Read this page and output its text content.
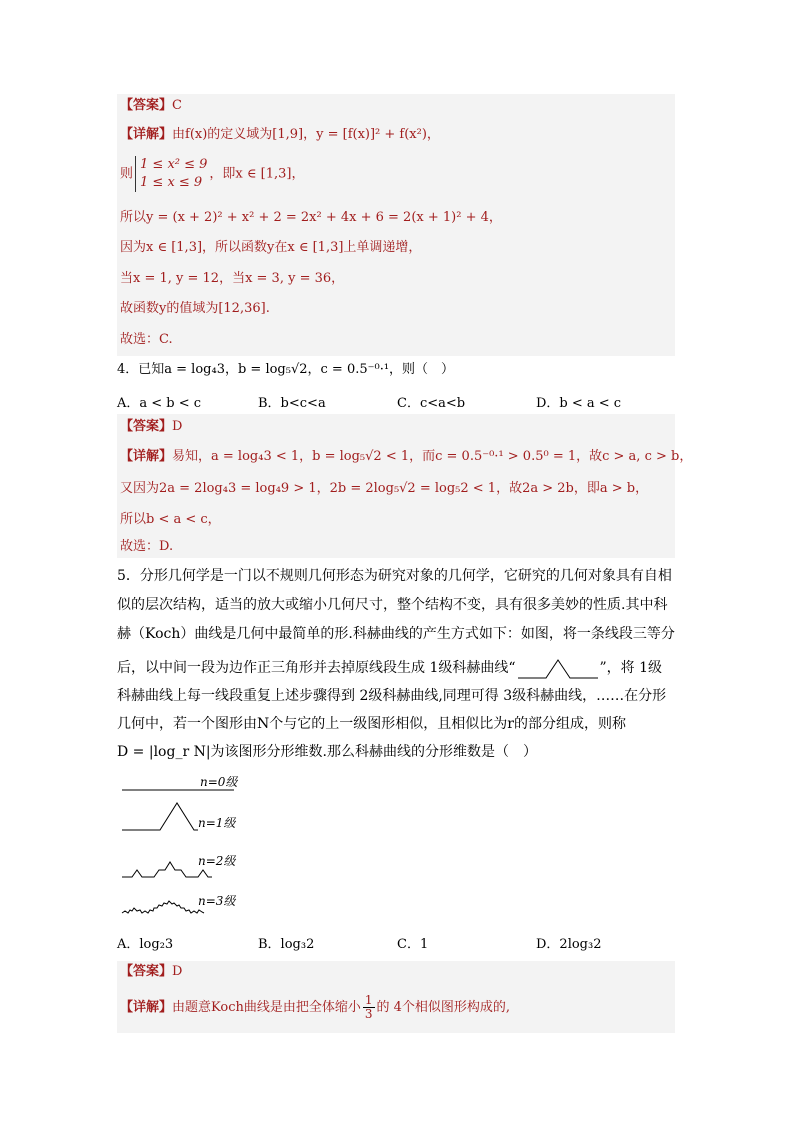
【答案】C
【详解】由f(x)的定义域为[1,9]，y = [f(x)]² + f(x²)，
则
1 ≤ x² ≤ 9
1 ≤ x ≤ 9
，即x ∈ [1,3]，
所以y = (x + 2)² + x² + 2 = 2x² + 4x + 6 = 2(x + 1)² + 4，
因为x ∈ [1,3]，所以函数y在x ∈ [1,3]上单调递增，
当x = 1, y = 12，当x = 3, y = 36，
故函数y的值域为[12,36].
故选：C.
4．已知a = log₄3，b = log₅√2，c = 0.5⁻⁰·¹，则（　）
A．a < b < c	B．b<c<a	C．c<a<b	D．b < a < c
【答案】D
【详解】易知，a = log₄3 < 1，b = log₅√2 < 1，而c = 0.5⁻⁰·¹ > 0.5⁰ = 1，故c > a, c > b，
又因为2a = 2log₄3 = log₄9 > 1，2b = 2log₅√2 = log₅2 < 1，故2a > 2b，即a > b，
所以b < a < c，
故选：D.
5．分形几何学是一门以不规则几何形态为研究对象的几何学，它研究的几何对象具有自相
似的层次结构，适当的放大或缩小几何尺寸，整个结构不变，具有很多美妙的性质.其中科
赫（Koch）曲线是几何中最简单的形.科赫曲线的产生方式如下：如图，将一条线段三等分
后，以中间一段为边作正三角形并去掉原线段生成 1级科赫曲线“	”，将 1级
科赫曲线上每一线段重复上述步骤得到 2级科赫曲线,同理可得 3级科赫曲线，……在分形
几何中，若一个图形由N个与它的上一级图形相似，且相似比为r的部分组成，则称
D = |log_r N|为该图形分形维数.那么科赫曲线的分形维数是（　）
n=0级
n=1级
n=2级
n=3级
A．log₂3	B．log₃2	C．1	D．2log₃2
【答案】D
【详解】由题意Koch曲线是由把全体缩小 $\frac{1}{3}$ 的 4个相似图形构成的,
